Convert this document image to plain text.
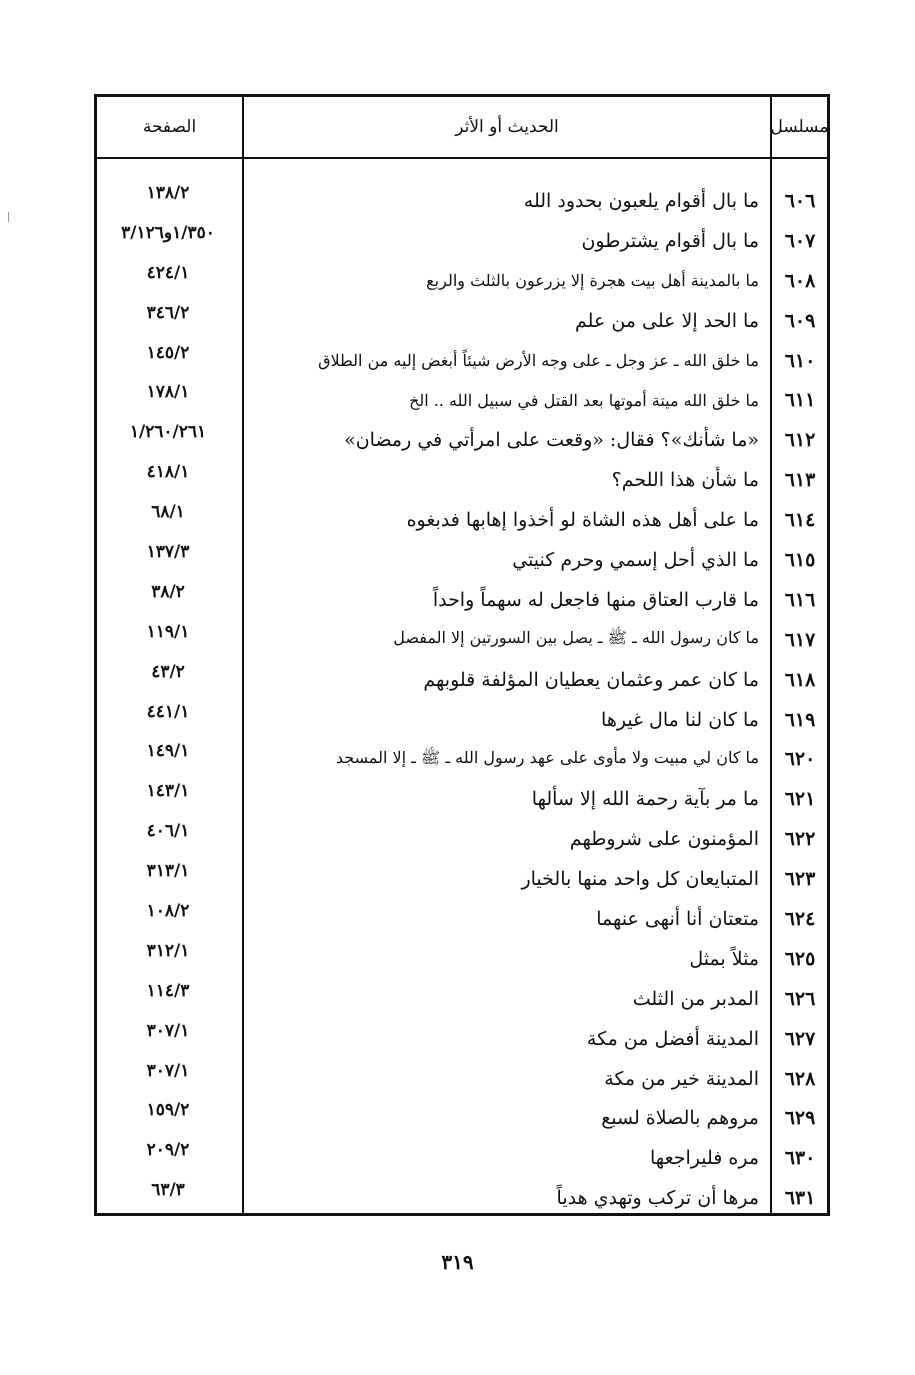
الصفحة	الحديث أو الأثر	مسلسل
١٣٨/٢	ما بال أقوام يلعبون بحدود الله	٦٠٦
١/٣٥٠و٣/١٢٦	ما بال أقوام يشترطون	٦٠٧
٤٢٤/١	ما بالمدينة أهل بيت هجرة إلا يزرعون بالثلث والربع	٦٠٨
٣٤٦/٢	ما الحد إلا على من علم	٦٠٩
١٤٥/٢	ما خلق الله ـ عز وجل ـ على وجه الأرض شيئاً أبغض إليه من الطلاق	٦١٠
١٧٨/١	ما خلق الله ميتة أموتها بعد القتل في سبيل الله .. الخ	٦١١
١/٢٦٠/٢٦١	«ما شأنك»؟ فقال: «وقعت على امرأتي في رمضان»	٦١٢
٤١٨/١	ما شأن هذا اللحم؟	٦١٣
٦٨/١	ما على أهل هذه الشاة لو أخذوا إهابها فدبغوه	٦١٤
١٣٧/٣	ما الذي أحل إسمي وحرم كنيتي	٦١٥
٣٨/٢	ما قارب العتاق منها فاجعل له سهماً واحداً	٦١٦
١١٩/١	ما كان رسول الله ـ ﷺ ـ يصل بين السورتين إلا المفصل	٦١٧
٤٣/٢	ما كان عمر وعثمان يعطيان المؤلفة قلوبهم	٦١٨
٤٤١/١	ما كان لنا مال غيرها	٦١٩
١٤٩/١	ما كان لي مبيت ولا مأوى على عهد رسول الله ـ ﷺ ـ إلا المسجد	٦٢٠
١٤٣/١	ما مر بآية رحمة الله إلا سألها	٦٢١
٤٠٦/١	المؤمنون على شروطهم	٦٢٢
٣١٣/١	المتبايعان كل واحد منها بالخيار	٦٢٣
١٠٨/٢	متعتان أنا أنهى عنهما	٦٢٤
٣١٢/١	مثلاً بمثل	٦٢٥
١١٤/٣	المدبر من الثلث	٦٢٦
٣٠٧/١	المدينة أفضل من مكة	٦٢٧
٣٠٧/١	المدينة خير من مكة	٦٢٨
١٥٩/٢	مروهم بالصلاة لسبع	٦٢٩
٢٠٩/٢	مره فليراجعها	٦٣٠
٦٣/٣	مرها أن تركب وتهدي هدياً	٦٣١
٣١٩
